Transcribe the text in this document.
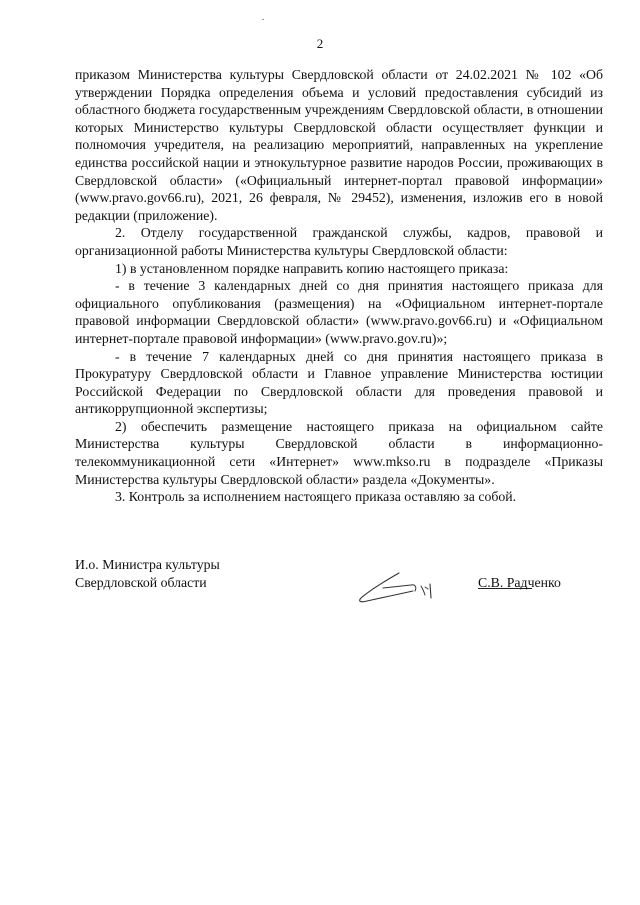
2

приказом Министерства культуры Свердловской области от 24.02.2021 № 102 «Об утверждении Порядка определения объема и условий предоставления субсидий из областного бюджета государственным учреждениям Свердловской области, в отношении которых Министерство культуры Свердловской области осуществляет функции и полномочия учредителя, на реализацию мероприятий, направленных на укрепление единства российской нации и этнокультурное развитие народов России, проживающих в Свердловской области» («Официальный интернет-портал правовой информации» (www.pravo.gov66.ru), 2021, 26 февраля, № 29452), изменения, изложив его в новой редакции (приложение).

2. Отделу государственной гражданской службы, кадров, правовой и организационной работы Министерства культуры Свердловской области:

1) в установленном порядке направить копию настоящего приказа:

- в течение 3 календарных дней со дня принятия настоящего приказа для официального опубликования (размещения) на «Официальном интернет-портале правовой информации Свердловской области» (www.pravo.gov66.ru) и «Официальном интернет-портале правовой информации» (www.pravo.gov.ru)»;

- в течение 7 календарных дней со дня принятия настоящего приказа в Прокуратуру Свердловской области и Главное управление Министерства юстиции Российской Федерации по Свердловской области для проведения правовой и антикоррупционной экспертизы;

2) обеспечить размещение настоящего приказа на официальном сайте Министерства культуры Свердловской области в информационно-телекоммуникационной сети «Интернет» www.mkso.ru в подразделе «Приказы Министерства культуры Свердловской области» раздела «Документы».

3. Контроль за исполнением настоящего приказа оставляю за собой.

И.о. Министра культуры
Свердловской области	С.В. Радченко
